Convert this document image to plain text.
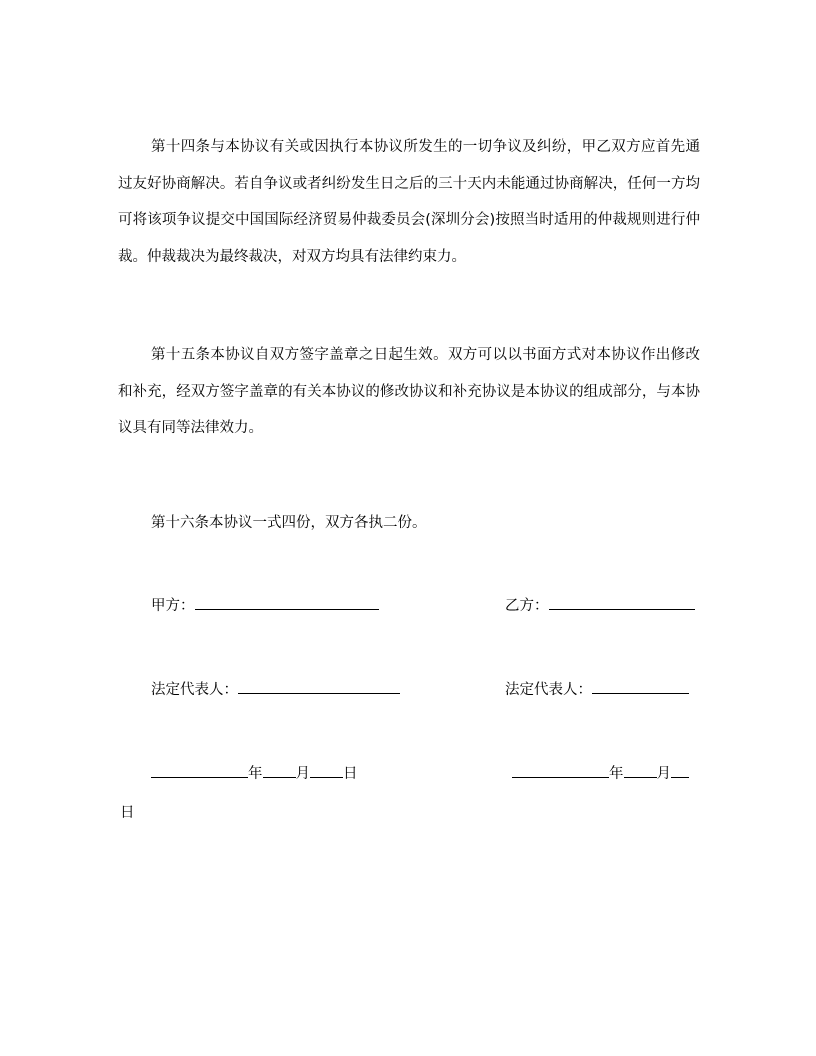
第十四条与本协议有关或因执行本协议所发生的一切争议及纠纷，甲乙双方应首先通过友好协商解决。若自争议或者纠纷发生日之后的三十天内未能通过协商解决，任何一方均可将该项争议提交中国国际经济贸易仲裁委员会(深圳分会)按照当时适用的仲裁规则进行仲裁。仲裁裁决为最终裁决，对双方均具有法律约束力。

第十五条本协议自双方签字盖章之日起生效。双方可以以书面方式对本协议作出修改和补充，经双方签字盖章的有关本协议的修改协议和补充协议是本协议的组成部分，与本协议具有同等法律效力。

第十六条本协议一式四份，双方各执二份。

甲方：	乙方：
法定代表人：	法定代表人：
年 月 日	年 月
日
